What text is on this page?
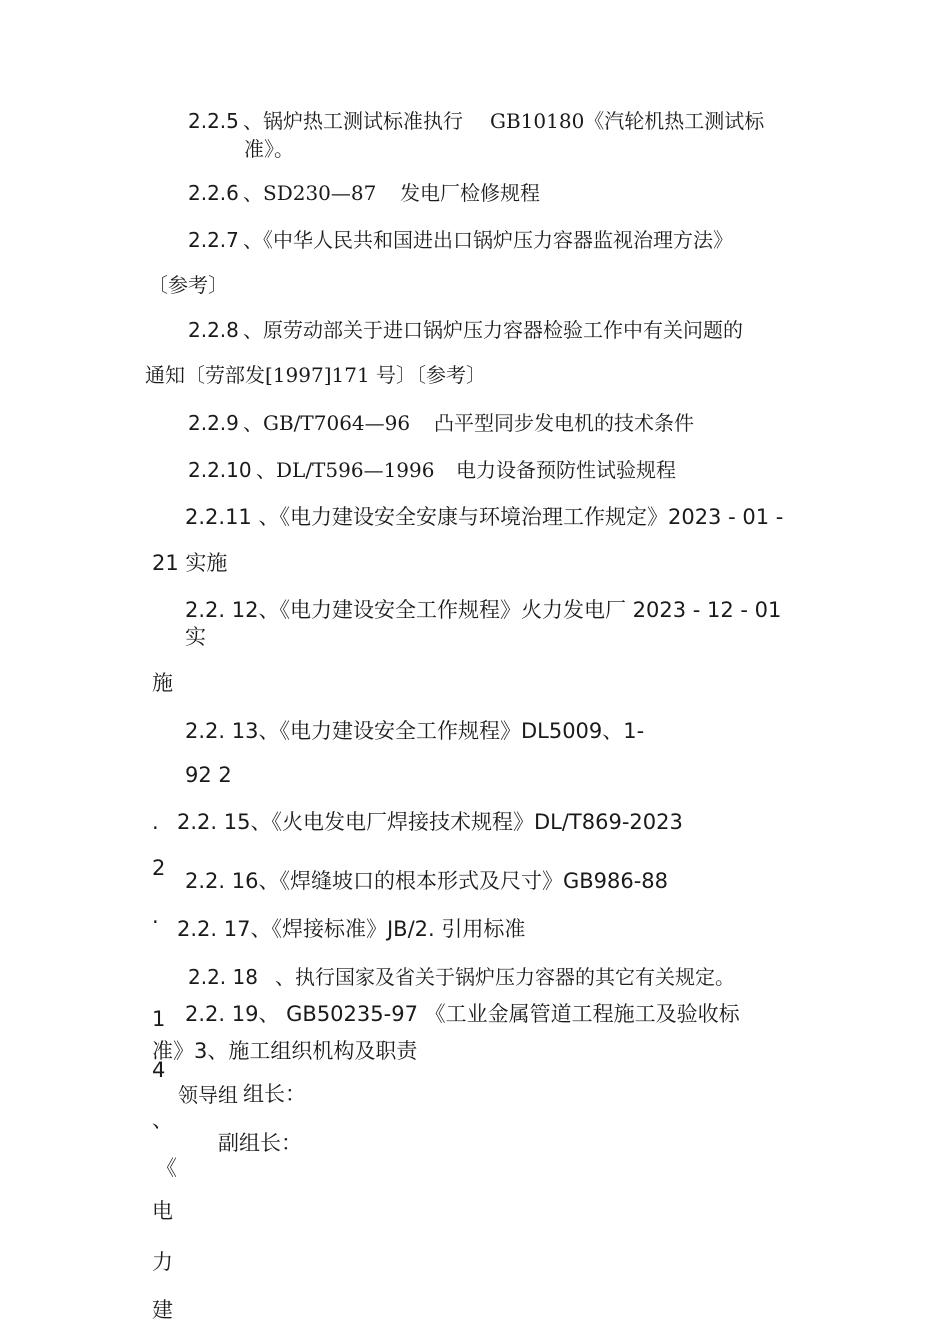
2.2.5 、锅炉热工测试标准执行 GB10180《汽轮机热工测试标
准》。
2.2.6 、SD230—87 发电厂检修规程
2.2.7 、《中华人民共和国进出口锅炉压力容器监视治理方法》
〔参考〕
2.2.8 、原劳动部关于进口锅炉压力容器检验工作中有关问题的
通知〔劳部发[1997]171 号〕〔参考〕
2.2.9 、GB/T7064—96 凸平型同步发电机的技术条件
2.2.10 、DL/T596—1996 电力设备预防性试验规程
2.2.11 、《电力建设安全安康与环境治理工作规定》2023 - 01 -
21 实施
2.2. 12、《电力建设安全工作规程》火力发电厂 2023 - 12 - 01
实
施
2.2. 13、《电力建设安全工作规程》DL5009、1-
92 2
. 2.2. 15、《火电发电厂焊接技术规程》DL/T869-2023
2
2.2. 16、《焊缝坡口的根本形式及尺寸》GB986-88
· 2.2. 17、《焊接标准》JB/2. 引用标准
2.2. 18 、执行国家及省关于锅炉压力容器的其它有关规定。
1 2.2. 19、 GB50235-97 《工业金属管道工程施工及验收标
准》3、施工组织机构及职责
4
领导组 组长：
副组长：
、
《
电
力
建
